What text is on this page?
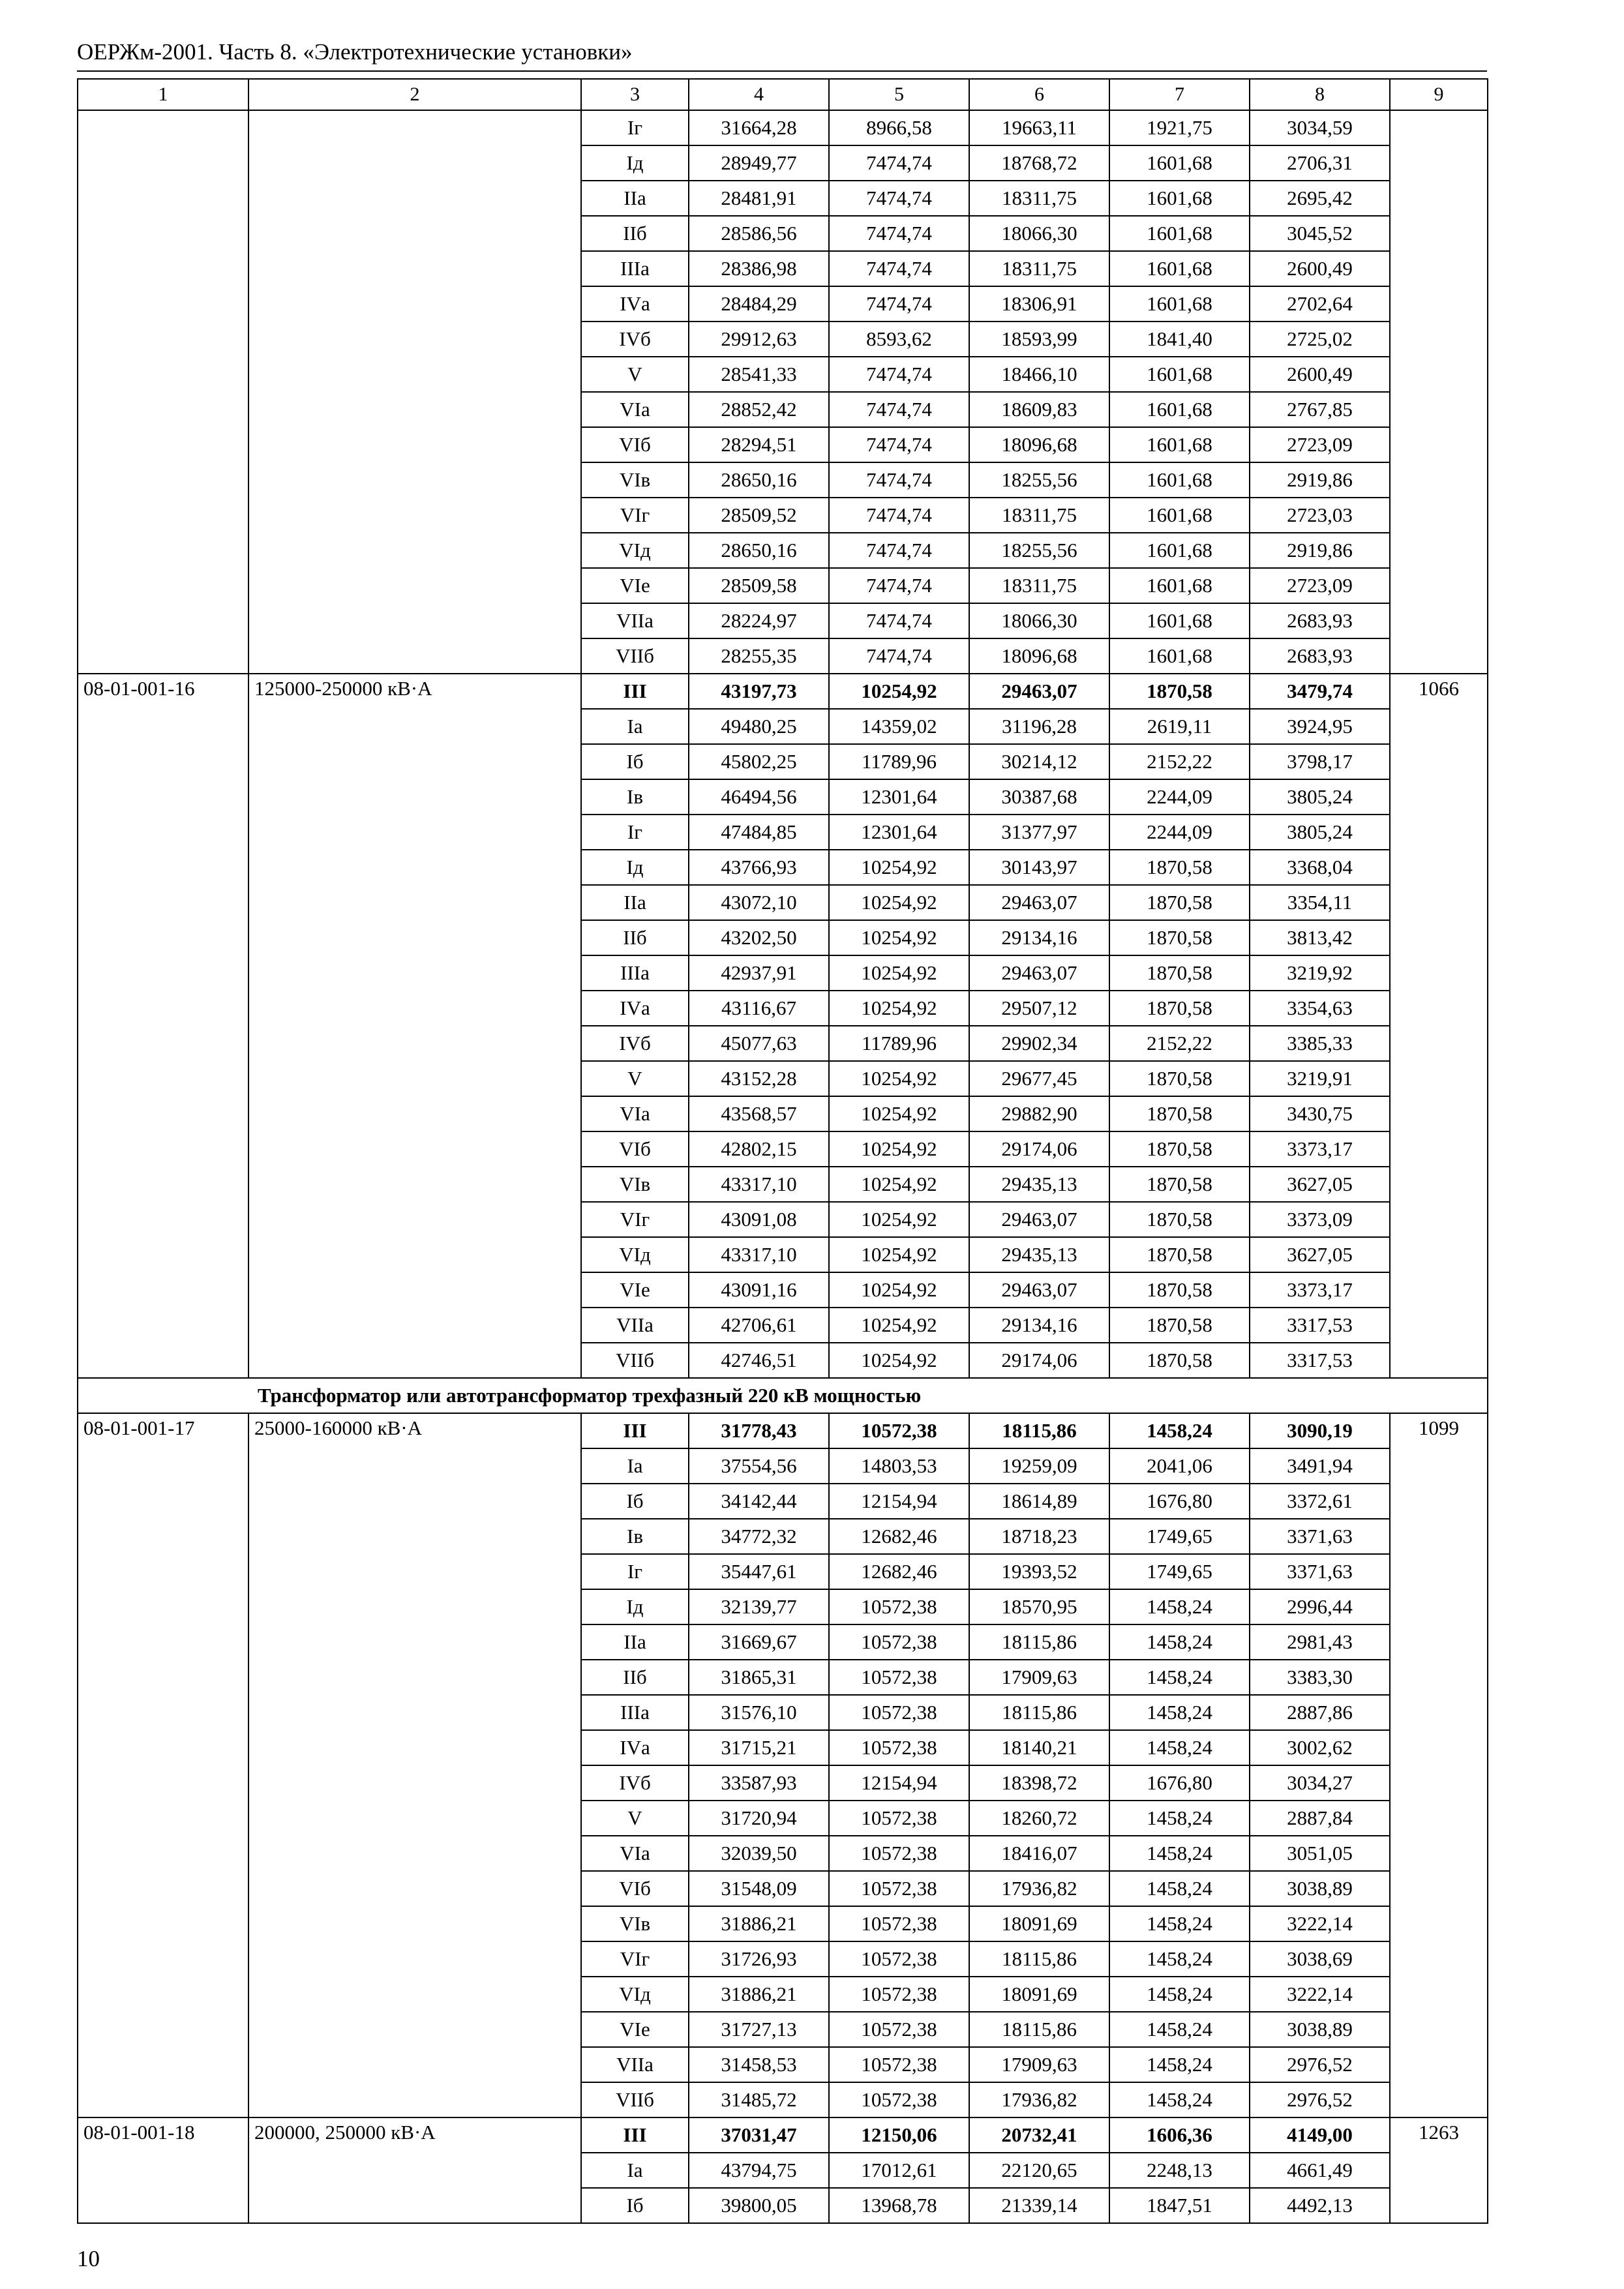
ОЕРЖм-2001. Часть 8. «Электротехнические установки»
1	2	3	4	5	6	7	8	9
		Iг	31664,28	8966,58	19663,11	1921,75	3034,59	
		Iд	28949,77	7474,74	18768,72	1601,68	2706,31	
		IIа	28481,91	7474,74	18311,75	1601,68	2695,42	
		IIб	28586,56	7474,74	18066,30	1601,68	3045,52	
		IIIа	28386,98	7474,74	18311,75	1601,68	2600,49	
		IVа	28484,29	7474,74	18306,91	1601,68	2702,64	
		IVб	29912,63	8593,62	18593,99	1841,40	2725,02	
		V	28541,33	7474,74	18466,10	1601,68	2600,49	
		VIа	28852,42	7474,74	18609,83	1601,68	2767,85	
		VIб	28294,51	7474,74	18096,68	1601,68	2723,09	
		VIв	28650,16	7474,74	18255,56	1601,68	2919,86	
		VIг	28509,52	7474,74	18311,75	1601,68	2723,03	
		VIд	28650,16	7474,74	18255,56	1601,68	2919,86	
		VIе	28509,58	7474,74	18311,75	1601,68	2723,09	
		VIIа	28224,97	7474,74	18066,30	1601,68	2683,93	
		VIIб	28255,35	7474,74	18096,68	1601,68	2683,93	
08-01-001-16	125000-250000 кВ·А	III	43197,73	10254,92	29463,07	1870,58	3479,74	1066
		Iа	49480,25	14359,02	31196,28	2619,11	3924,95	
		Iб	45802,25	11789,96	30214,12	2152,22	3798,17	
		Iв	46494,56	12301,64	30387,68	2244,09	3805,24	
		Iг	47484,85	12301,64	31377,97	2244,09	3805,24	
		Iд	43766,93	10254,92	30143,97	1870,58	3368,04	
		IIа	43072,10	10254,92	29463,07	1870,58	3354,11	
		IIб	43202,50	10254,92	29134,16	1870,58	3813,42	
		IIIа	42937,91	10254,92	29463,07	1870,58	3219,92	
		IVа	43116,67	10254,92	29507,12	1870,58	3354,63	
		IVб	45077,63	11789,96	29902,34	2152,22	3385,33	
		V	43152,28	10254,92	29677,45	1870,58	3219,91	
		VIа	43568,57	10254,92	29882,90	1870,58	3430,75	
		VIб	42802,15	10254,92	29174,06	1870,58	3373,17	
		VIв	43317,10	10254,92	29435,13	1870,58	3627,05	
		VIг	43091,08	10254,92	29463,07	1870,58	3373,09	
		VIд	43317,10	10254,92	29435,13	1870,58	3627,05	
		VIе	43091,16	10254,92	29463,07	1870,58	3373,17	
		VIIа	42706,61	10254,92	29134,16	1870,58	3317,53	
		VIIб	42746,51	10254,92	29174,06	1870,58	3317,53	
Трансформатор или автотрансформатор трехфазный 220 кВ мощностью								
08-01-001-17	25000-160000 кВ·А	III	31778,43	10572,38	18115,86	1458,24	3090,19	1099
		Iа	37554,56	14803,53	19259,09	2041,06	3491,94	
		Iб	34142,44	12154,94	18614,89	1676,80	3372,61	
		Iв	34772,32	12682,46	18718,23	1749,65	3371,63	
		Iг	35447,61	12682,46	19393,52	1749,65	3371,63	
		Iд	32139,77	10572,38	18570,95	1458,24	2996,44	
		IIа	31669,67	10572,38	18115,86	1458,24	2981,43	
		IIб	31865,31	10572,38	17909,63	1458,24	3383,30	
		IIIа	31576,10	10572,38	18115,86	1458,24	2887,86	
		IVа	31715,21	10572,38	18140,21	1458,24	3002,62	
		IVб	33587,93	12154,94	18398,72	1676,80	3034,27	
		V	31720,94	10572,38	18260,72	1458,24	2887,84	
		VIа	32039,50	10572,38	18416,07	1458,24	3051,05	
		VIб	31548,09	10572,38	17936,82	1458,24	3038,89	
		VIв	31886,21	10572,38	18091,69	1458,24	3222,14	
		VIг	31726,93	10572,38	18115,86	1458,24	3038,69	
		VIд	31886,21	10572,38	18091,69	1458,24	3222,14	
		VIе	31727,13	10572,38	18115,86	1458,24	3038,89	
		VIIа	31458,53	10572,38	17909,63	1458,24	2976,52	
		VIIб	31485,72	10572,38	17936,82	1458,24	2976,52	
08-01-001-18	200000, 250000 кВ·А	III	37031,47	12150,06	20732,41	1606,36	4149,00	1263
		Iа	43794,75	17012,61	22120,65	2248,13	4661,49	
		Iб	39800,05	13968,78	21339,14	1847,51	4492,13	
10
